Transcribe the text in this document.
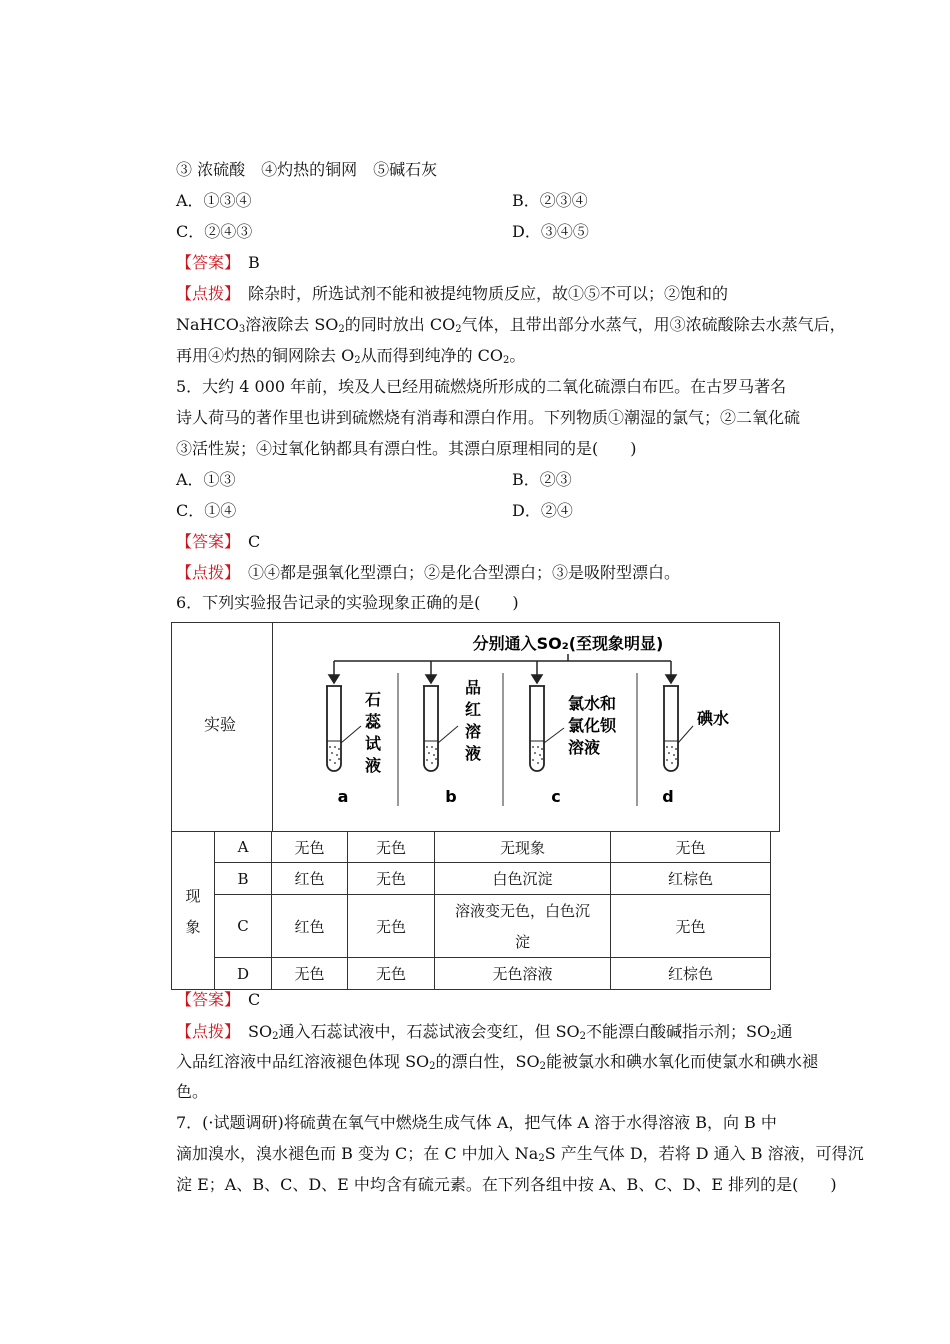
③ 浓硫酸　④灼热的铜网　⑤碱石灰
A．①③④	B．②③④
C．②④③	D．③④⑤
【答案】　 B
【点拨】　 除杂时，所选试剂不能和被提纯物质反应，故①⑤不可以；②饱和的
NaHCO$_3$溶液除去 $SO_2$的同时放出 $CO_2$气体，且带出部分水蒸气，用③浓硫酸除去水蒸气后，
再用④灼热的铜网除去 $O_2$从而得到纯净的 $CO_2$。
5．大约 4 000 年前，埃及人已经用硫燃烧所形成的二氧化硫漂白布匹。在古罗马著名
诗人荷马的著作里也讲到硫燃烧有消毒和漂白作用。下列物质①潮湿的氯气；②二氧化硫
③活性炭；④过氧化钠都具有漂白性。其漂白原理相同的是(　　)
A．①③	B．②③
C．①④	D．②④
【答案】　 C
【点拨】　 ①④都是强氧化型漂白；②是化合型漂白；③是吸附型漂白。
6．下列实验报告记录的实验现象正确的是(　　)
实验
分别通入SO₂(至现象明显)
石
蕊
试
液
品
红
溶
液
氯水和
氯化钡
溶液
碘水
a	b	c	d
现
象	A	无色	无色	无现象	无色
	B	红色	无色	白色沉淀	红棕色
	C	红色	无色	溶液变无色，白色沉
淀	无色
	D	无色	无色	无色溶液	红棕色
【答案】　 C
【点拨】　 $SO_2$通入石蕊试液中，石蕊试液会变红，但 $SO_2$不能漂白酸碱指示剂；$SO_2$通
入品红溶液中品红溶液褪色体现 $SO_2$的漂白性，$SO_2$能被氯水和碘水氧化而使氯水和碘水褪
色。
7．(·试题调研)将硫黄在氧气中燃烧生成气体 A，把气体 A 溶于水得溶液 B，向 B 中
滴加溴水，溴水褪色而 B 变为 C；在 C 中加入 $Na_2S$ 产生气体 D，若将 D 通入 B 溶液，可得沉
淀 E；A、B、C、D、E 中均含有硫元素。在下列各组中按 A、B、C、D、E 排列的是(　　)
